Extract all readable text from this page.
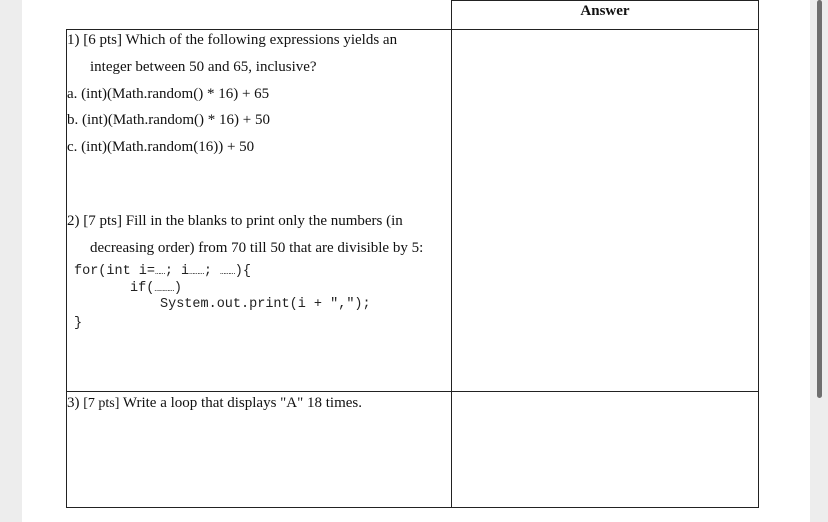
Answer
1) [6 pts] Which of the following expressions yields an
integer between 50 and 65, inclusive?
a. (int)(Math.random() * 16) + 65
b. (int)(Math.random() * 16) + 50
c. (int)(Math.random(16)) + 50
2) [7 pts] Fill in the blanks to print only the numbers (in
decreasing order) from 70 till 50 that are divisible by 5:
for(int i=……; i………; ………){
if(…………)
System.out.print(i + ",");
}
3) [7 pts] Write a loop that displays "A" 18 times.
